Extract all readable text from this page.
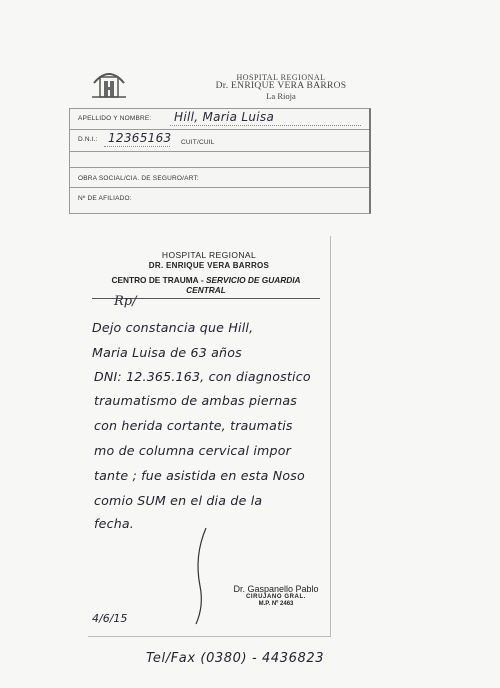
HOSPITAL REGIONAL
Dr. ENRIQUE VERA BARROS
La Rioja
APELLIDO Y NOMBRE: Hill, Maria Luisa
D.N.I.: 12365163 CUIT/CUIL
OBRA SOCIAL/CIA. DE SEGURO/ART:
Nº DE AFILIADO:
HOSPITAL REGIONAL
DR. ENRIQUE VERA BARROS
CENTRO DE TRAUMA - SERVICIO DE GUARDIA CENTRAL
Rp/
Dejo constancia que Hill,
Maria Luisa de 63 años
DNI: 12.365.163, con diagnostico
traumatismo de ambas piernas
con herida cortante, traumatis
mo de columna cervical impor
tante ; fue asistida en esta Noso
comio SUM en el dia de la
fecha.
Dr. Gaspanello Pablo
CIRUJANO GRAL.
M.P. Nº 2463
4/6/15
Tel/Fax (0380) - 4436823
